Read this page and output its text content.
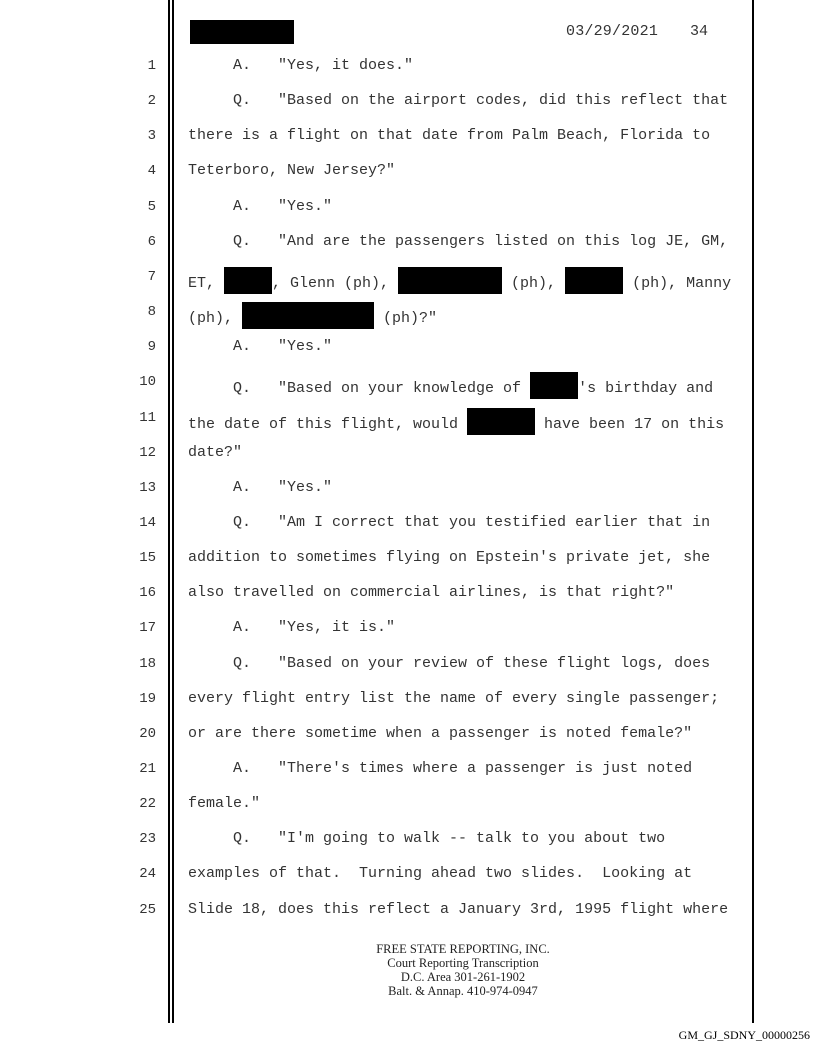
03/29/2021 34
1 A.   "Yes, it does."
2 Q.   "Based on the airport codes, did this reflect that
3 there is a flight on that date from Palm Beach, Florida to
4 Teterboro, New Jersey?"
5 A.   "Yes."
6 Q.   "And are the passengers listed on this log JE, GM,
7 ET,	, Glenn (ph),	(ph),	(ph), Manny
8 (ph),	(ph)?"
9 A.   "Yes."
10 Q.   "Based on your knowledge of	's birthday and
11 the date of this flight, would	have been 17 on this
12 date?"
13 A.   "Yes."
14 Q.   "Am I correct that you testified earlier that in
15 addition to sometimes flying on Epstein's private jet, she
16 also travelled on commercial airlines, is that right?"
17 A.   "Yes, it is."
18 Q.   "Based on your review of these flight logs, does
19 every flight entry list the name of every single passenger;
20 or are there sometime when a passenger is noted female?"
21 A.   "There's times where a passenger is just noted
22 female."
23 Q.   "I'm going to walk -- talk to you about two
24 examples of that.  Turning ahead two slides.  Looking at
25 Slide 18, does this reflect a January 3rd, 1995 flight where
FREE STATE REPORTING, INC.
Court Reporting Transcription
D.C. Area 301-261-1902
Balt. & Annap. 410-974-0947
GM_GJ_SDNY_00000256
